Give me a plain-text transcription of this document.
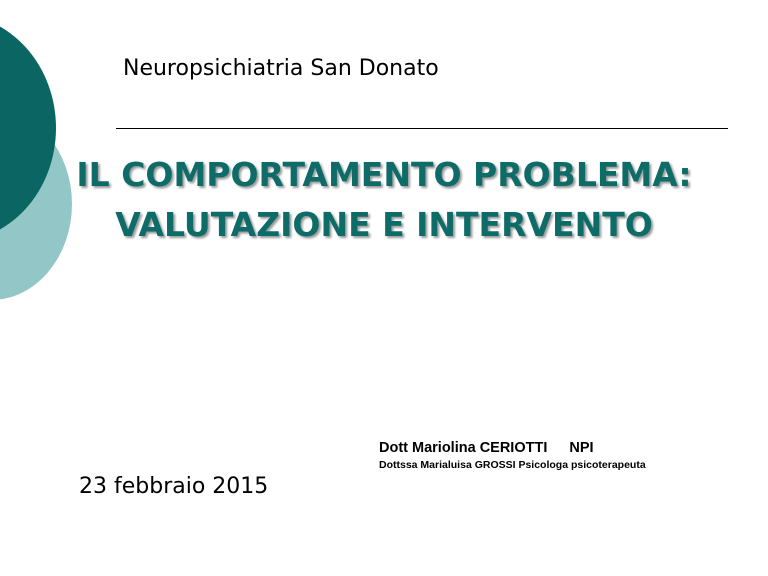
Neuropsichiatria San Donato
IL COMPORTAMENTO PROBLEMA:
VALUTAZIONE E INTERVENTO
Dott Mariolina CERIOTTI NPI
Dottssa Marialuisa GROSSI Psicologa psicoterapeuta
23 febbraio 2015
